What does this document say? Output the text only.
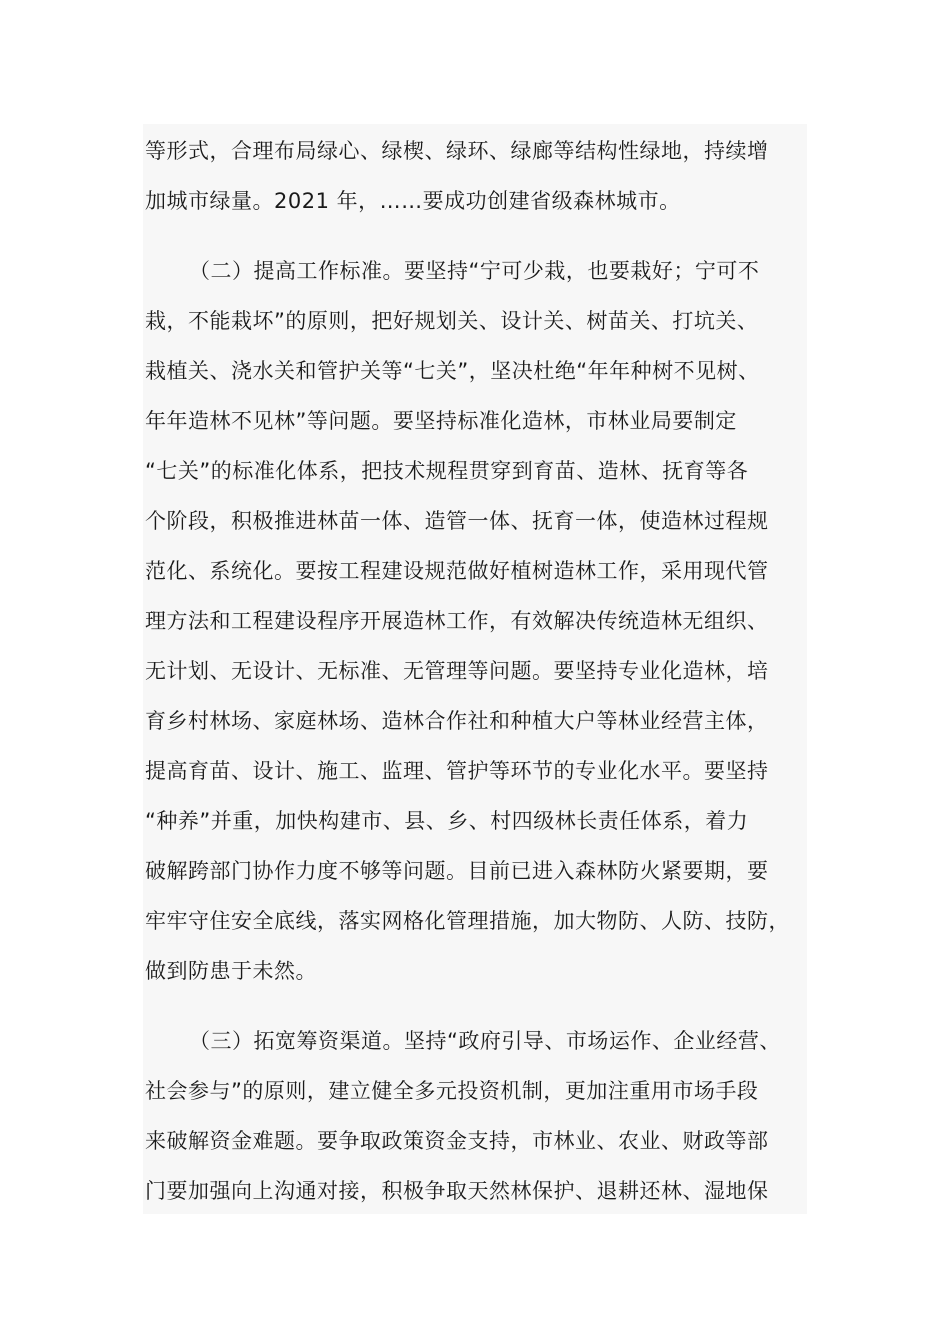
等形式，合理布局绿心、绿楔、绿环、绿廊等结构性绿地，持续增

加城市绿量。2021 年，……要成功创建省级森林城市。

（二）提高工作标准。要坚持“宁可少栽，也要栽好；宁可不

栽，不能栽坏”的原则，把好规划关、设计关、树苗关、打坑关、

栽植关、浇水关和管护关等“七关”，坚决杜绝“年年种树不见树、

年年造林不见林”等问题。要坚持标准化造林，市林业局要制定

“七关”的标准化体系，把技术规程贯穿到育苗、造林、抚育等各

个阶段，积极推进林苗一体、造管一体、抚育一体，使造林过程规

范化、系统化。要按工程建设规范做好植树造林工作，采用现代管

理方法和工程建设程序开展造林工作，有效解决传统造林无组织、

无计划、无设计、无标准、无管理等问题。要坚持专业化造林，培

育乡村林场、家庭林场、造林合作社和种植大户等林业经营主体，

提高育苗、设计、施工、监理、管护等环节的专业化水平。要坚持

“种养”并重，加快构建市、县、乡、村四级林长责任体系，着力

破解跨部门协作力度不够等问题。目前已进入森林防火紧要期，要

牢牢守住安全底线，落实网格化管理措施，加大物防、人防、技防，

做到防患于未然。

（三）拓宽筹资渠道。坚持“政府引导、市场运作、企业经营、

社会参与”的原则，建立健全多元投资机制，更加注重用市场手段

来破解资金难题。要争取政策资金支持，市林业、农业、财政等部

门要加强向上沟通对接，积极争取天然林保护、退耕还林、湿地保
